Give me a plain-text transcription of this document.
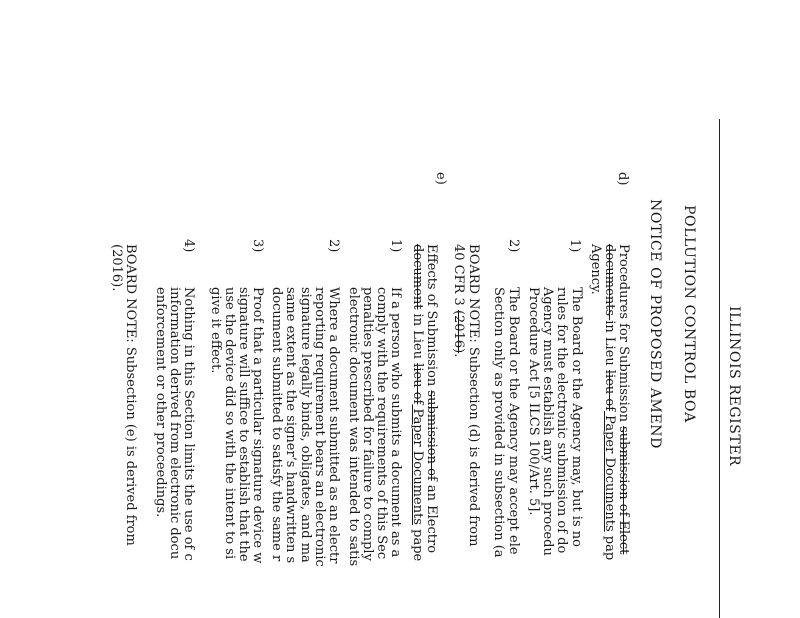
ILLINOIS REGISTER
POLLUTION CONTROL BOA
NOTICE OF PROPOSED AMEND
d)
Procedures for Submission submission of Elect
documents in Lieu lieu of Paper Documents pap
Agency.
1)
The Board or the Agency may, but is no
rules for the electronic submission of do
Agency must establish any such procedu
Procedure Act [5 ILCS 100/Art. 5].
2)
The Board or the Agency may accept ele
Section only as provided in subsection (a
BOARD NOTE: Subsection (d) is derived from
40 CFR 3 (2016).
e)
Effects of Submission submission of an Electro
document in Lieu lieu of Paper Documents pape
1)
If a person who submits a document as a
comply with the requirements of this Sec
penalties prescribed for failure to comply
electronic document was intended to satis
2)
Where a document submitted as an electr
reporting requirement bears an electronic
signature legally binds, obligates, and ma
same extent as the signer’s handwritten s
document submitted to satisfy the same r
3)
Proof that a particular signature device w
signature will suffice to establish that the
use the device did so with the intent to si
give it effect.
4)
Nothing in this Section limits the use of c
information derived from electronic docu
enforcement or other proceedings.
BOARD NOTE: Subsection (e) is derived from
(2016).
